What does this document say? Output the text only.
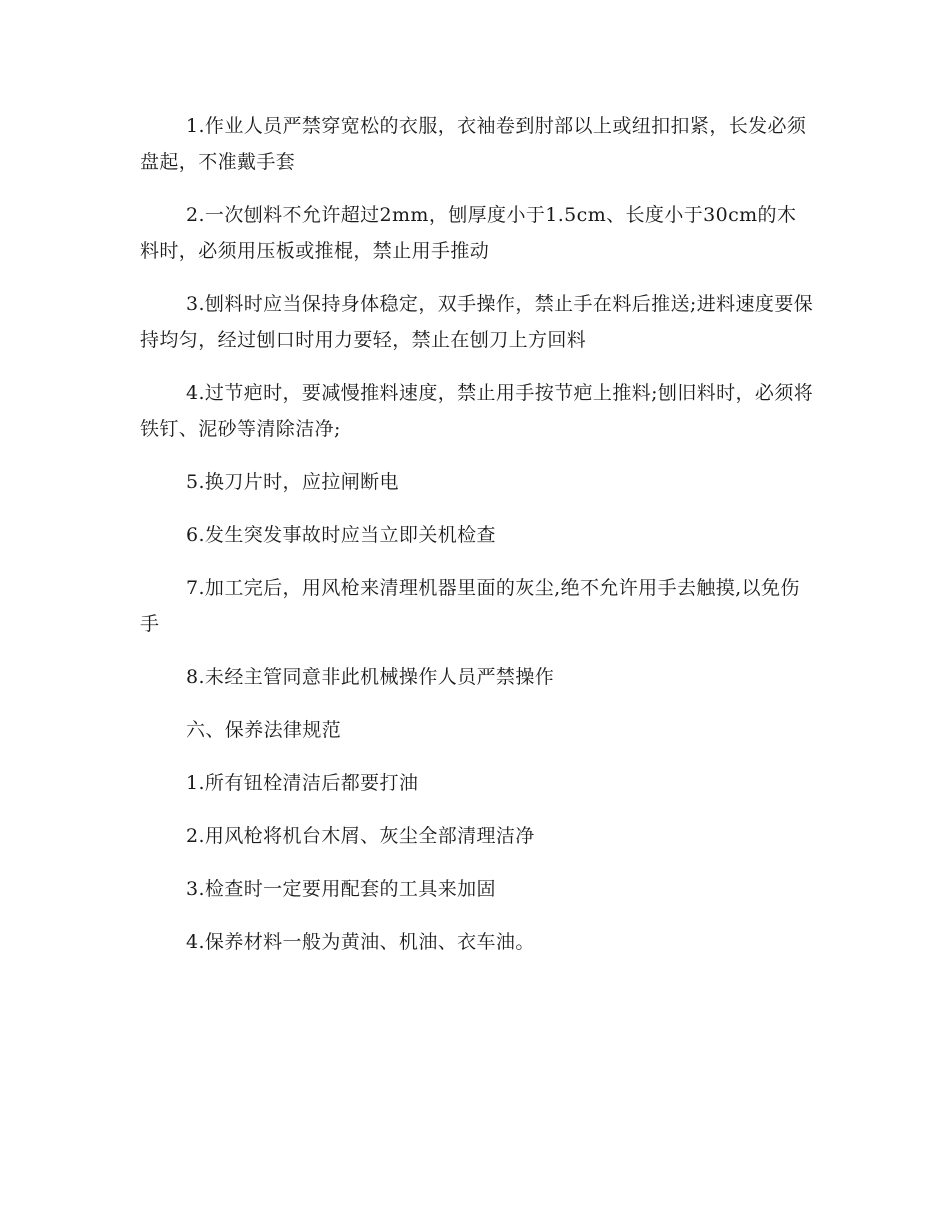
1.作业人员严禁穿宽松的衣服，衣袖卷到肘部以上或纽扣扣紧，长发必须盘起，不准戴手套

2.一次刨料不允许超过2mm，刨厚度小于1.5cm、长度小于30cm的木料时，必须用压板或推棍，禁止用手推动

3.刨料时应当保持身体稳定，双手操作，禁止手在料后推送;进料速度要保持均匀，经过刨口时用力要轻，禁止在刨刀上方回料

4.过节疤时，要减慢推料速度，禁止用手按节疤上推料;刨旧料时，必须将铁钉、泥砂等清除洁净;

5.换刀片时，应拉闸断电

6.发生突发事故时应当立即关机检查

7.加工完后，用风枪来清理机器里面的灰尘,绝不允许用手去触摸,以免伤手

8.未经主管同意非此机械操作人员严禁操作

六、保养法律规范

1.所有钮栓清洁后都要打油

2.用风枪将机台木屑、灰尘全部清理洁净

3.检查时一定要用配套的工具来加固

4.保养材料一般为黄油、机油、衣车油。
